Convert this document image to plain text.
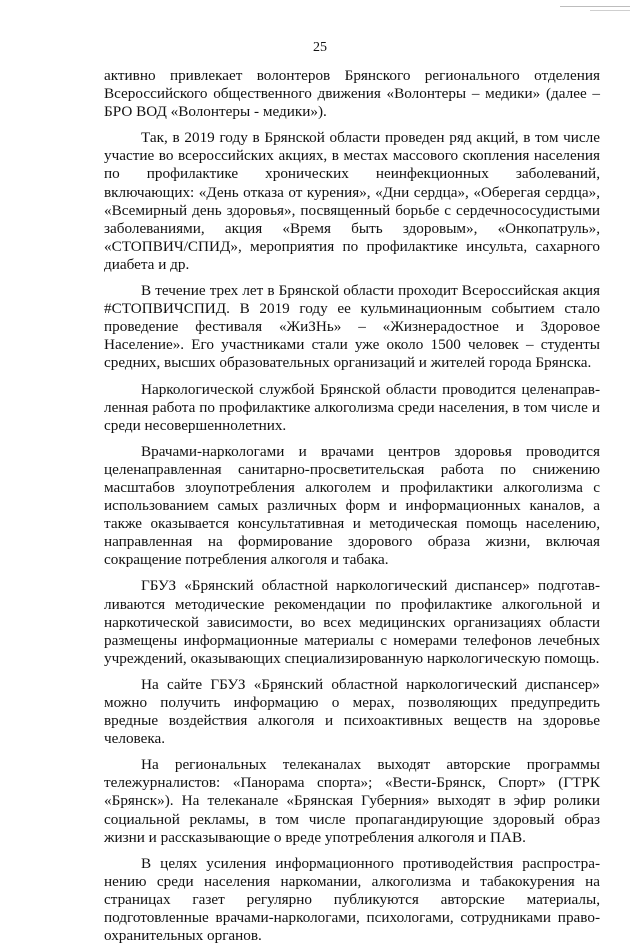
25

активно привлекает волонтеров Брянского регионального отделения Всероссийского общественного движения «Волонтеры – медики» (далее – БРО ВОД «Волонтеры - медики»).

Так, в 2019 году в Брянской области проведен ряд акций, в том числе участие во всероссийских акциях, в местах массового скопления населения по профилактике хронических неинфекционных заболеваний, включающих: «День отказа от курения», «Дни сердца», «Оберегая сердца», «Всемирный день здоровья», посвященный борьбе с сердечнососудистыми заболеваниями, акция «Время быть здоровым», «Онкопатруль», «СТОПВИЧ/СПИД», мероприятия по профилактике инсульта, сахарного диабета и др.

В течение трех лет в Брянской области проходит Всероссийская акция #СТОПВИЧСПИД. В 2019 году ее кульминационным событием стало проведение фестиваля «ЖиЗНь» – «Жизнерадостное и Здоровое Население». Его участниками стали уже около 1500 человек – студенты средних, высших образовательных организаций и жителей города Брянска.

Наркологической службой Брянской области проводится целенаправленная работа по профилактике алкоголизма среди населения, в том числе и среди несовершеннолетних.

Врачами-наркологами и врачами центров здоровья проводится целенаправленная санитарно-просветительская работа по снижению масштабов злоупотребления алкоголем и профилактики алкоголизма с использованием самых различных форм и информационных каналов, а также оказывается консультативная и методическая помощь населению, направленная на формирование здорового образа жизни, включая сокращение потребления алкоголя и табака.

ГБУЗ «Брянский областной наркологический диспансер» подготавливаются методические рекомендации по профилактике алкогольной и наркотической зависимости, во всех медицинских организациях области размещены информационные материалы с номерами телефонов лечебных учреждений, оказывающих специализированную наркологическую помощь.

На сайте ГБУЗ «Брянский областной наркологический диспансер» можно получить информацию о мерах, позволяющих предупредить вредные воздействия алкоголя и психоактивных веществ на здоровье человека.

На региональных телеканалах выходят авторские программы тележурналистов: «Панорама спорта»; «Вести-Брянск, Спорт» (ГТРК «Брянск»). На телеканале «Брянская Губерния» выходят в эфир ролики социальной рекламы, в том числе пропагандирующие здоровый образ жизни и рассказывающие о вреде употребления алкоголя и ПАВ.

В целях усиления информационного противодействия распространению среди населения наркомании, алкоголизма и табакокурения на страницах газет регулярно публикуются авторские материалы, подготовленные врачами-наркологами, психологами, сотрудниками правоохранительных органов.
